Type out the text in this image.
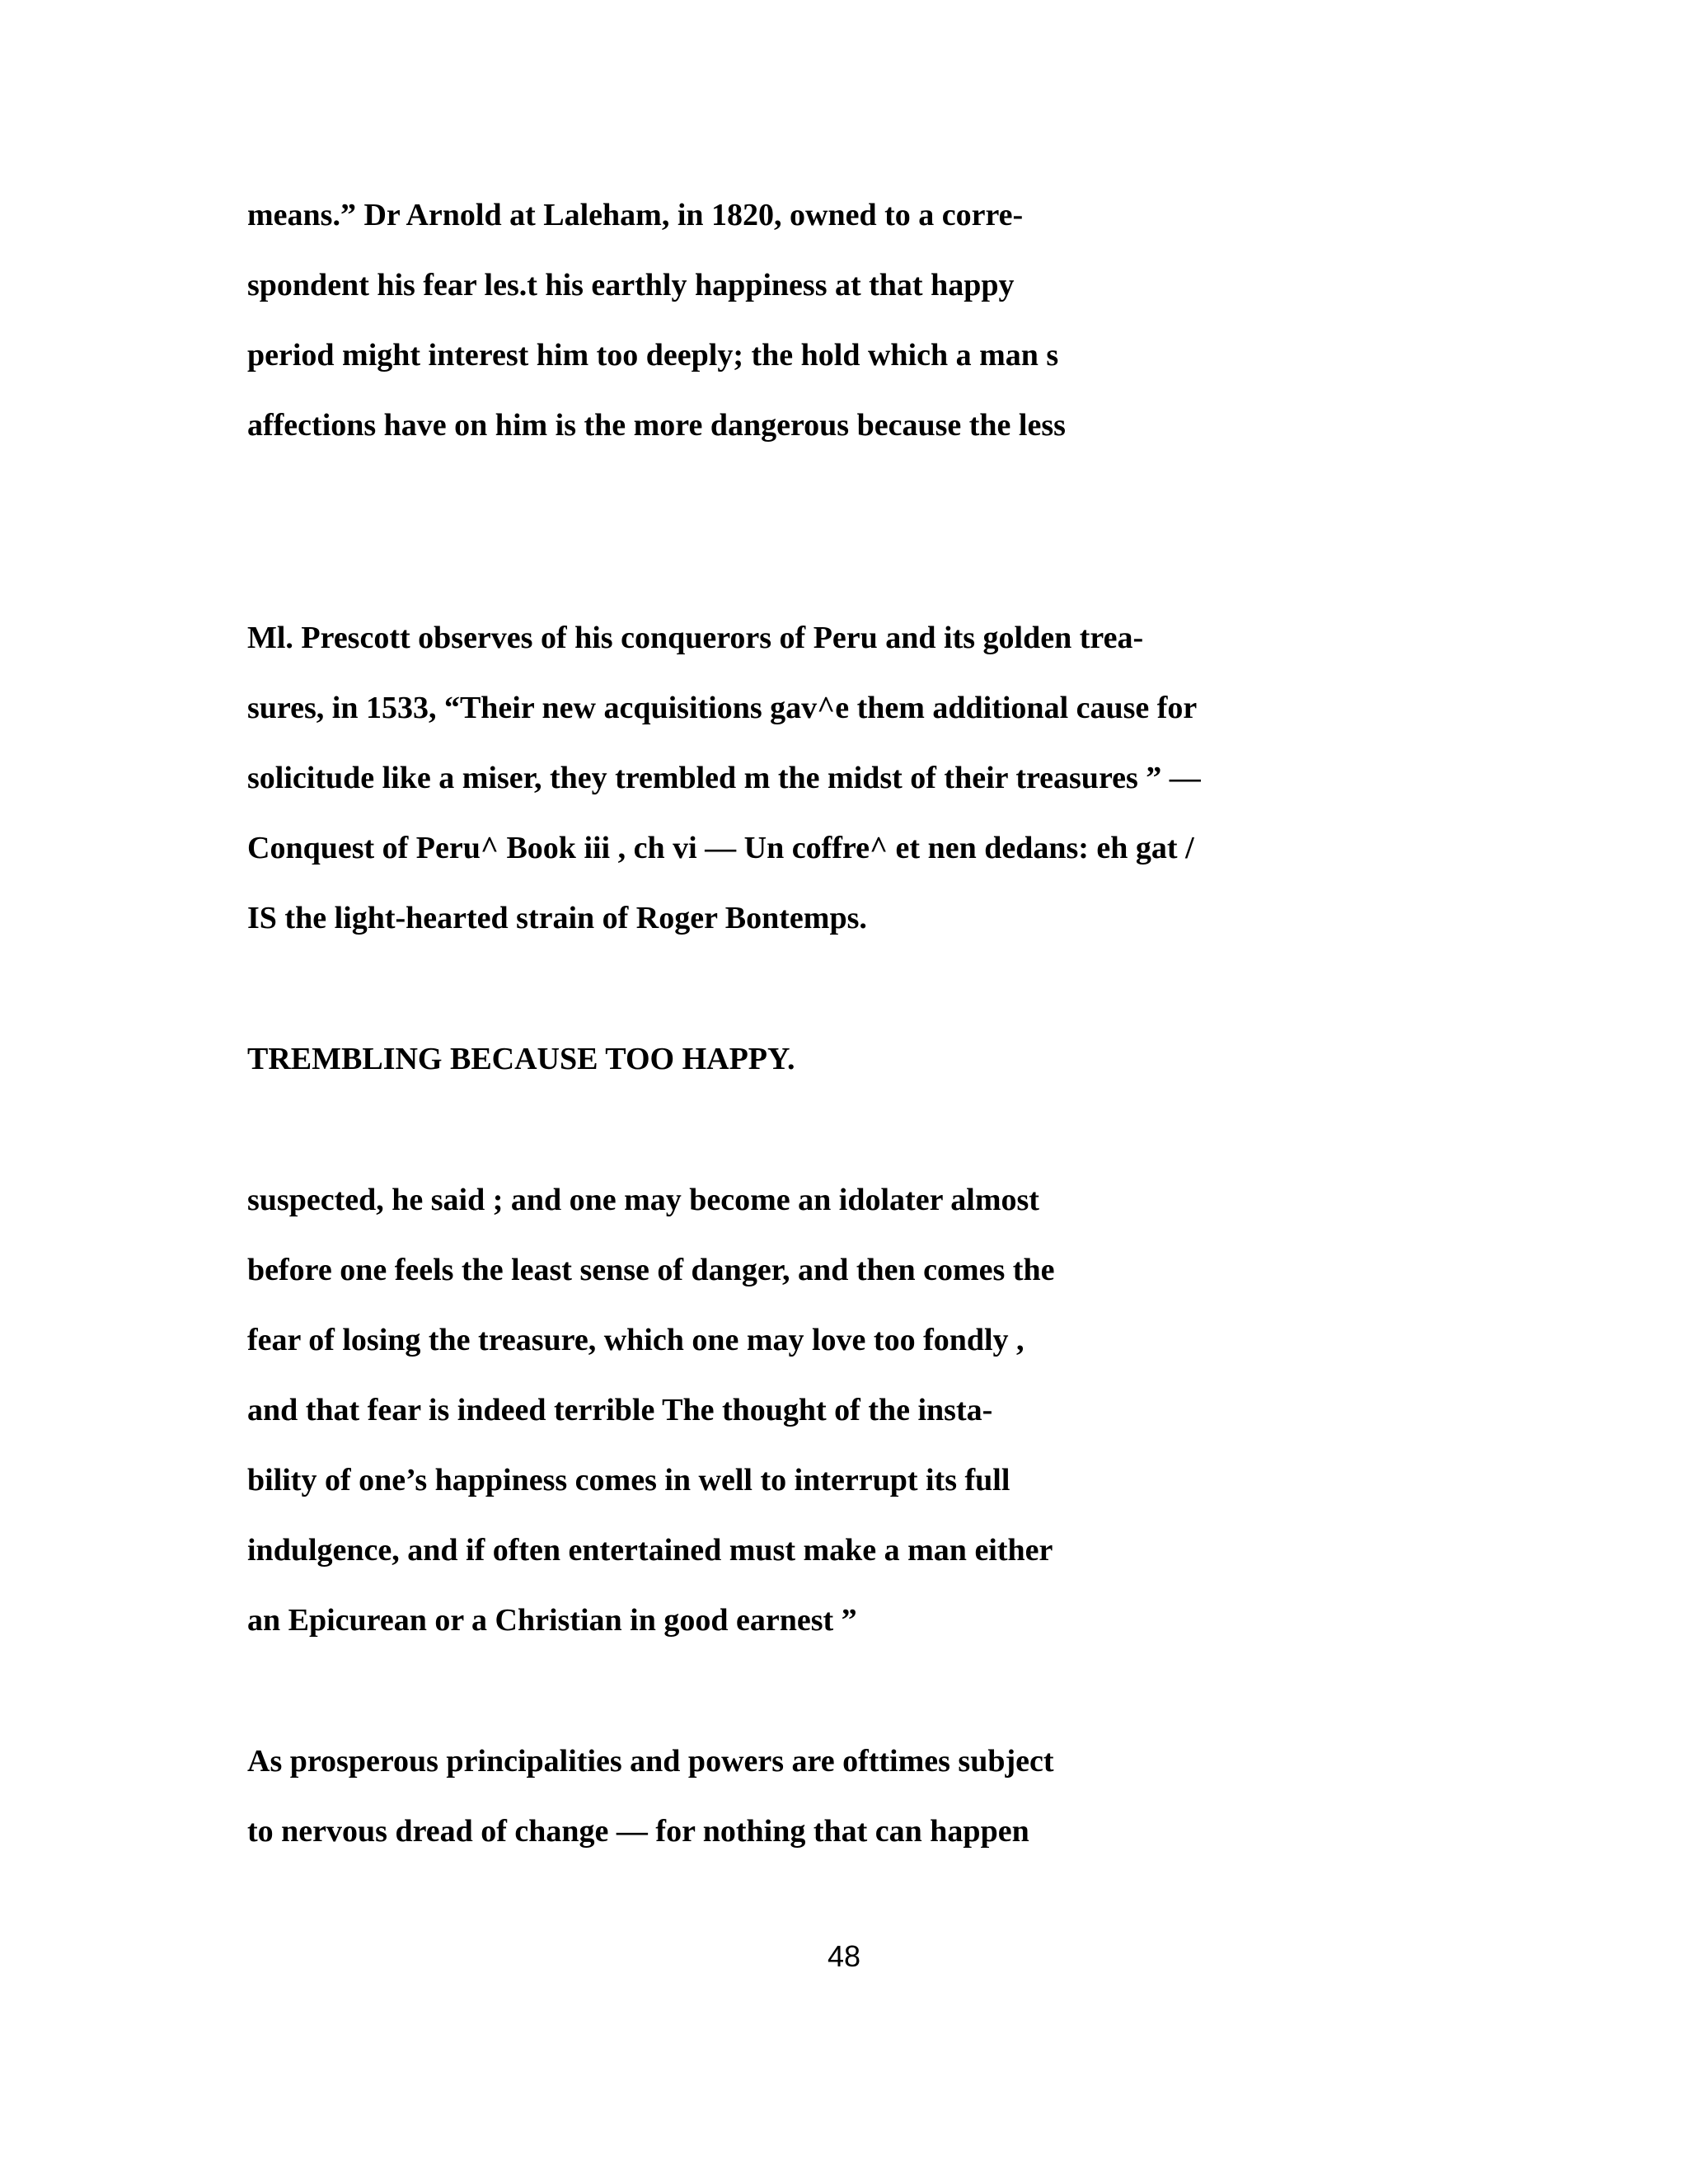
means.” Dr Arnold at Laleham, in 1820, owned to a corre-

spondent his fear les.t his earthly happiness at that happy

period might interest him too deeply; the hold which a man s

affections have on him is the more dangerous because the less

Ml. Prescott observes of his conquerors of Peru and its golden trea-

sures, in 1533, “Their new acquisitions gav^e them additional cause for

solicitude like a miser, they trembled m the midst of their treasures ” —

Conquest of Peru^ Book iii , ch vi — Un coffre^ et nen dedans: eh gat /

IS the light-hearted strain of Roger Bontemps.

TREMBLING BECAUSE TOO HAPPY.

suspected, he said ; and one may become an idolater almost

before one feels the least sense of danger, and then comes the

fear of losing the treasure, which one may love too fondly ,

and that fear is indeed terrible The thought of the insta-

bility of one’s happiness comes in well to interrupt its full

indulgence, and if often entertained must make a man either

an Epicurean or a Christian in good earnest ”

As prosperous principalities and powers are ofttimes subject

to nervous dread of change — for nothing that can happen

48
